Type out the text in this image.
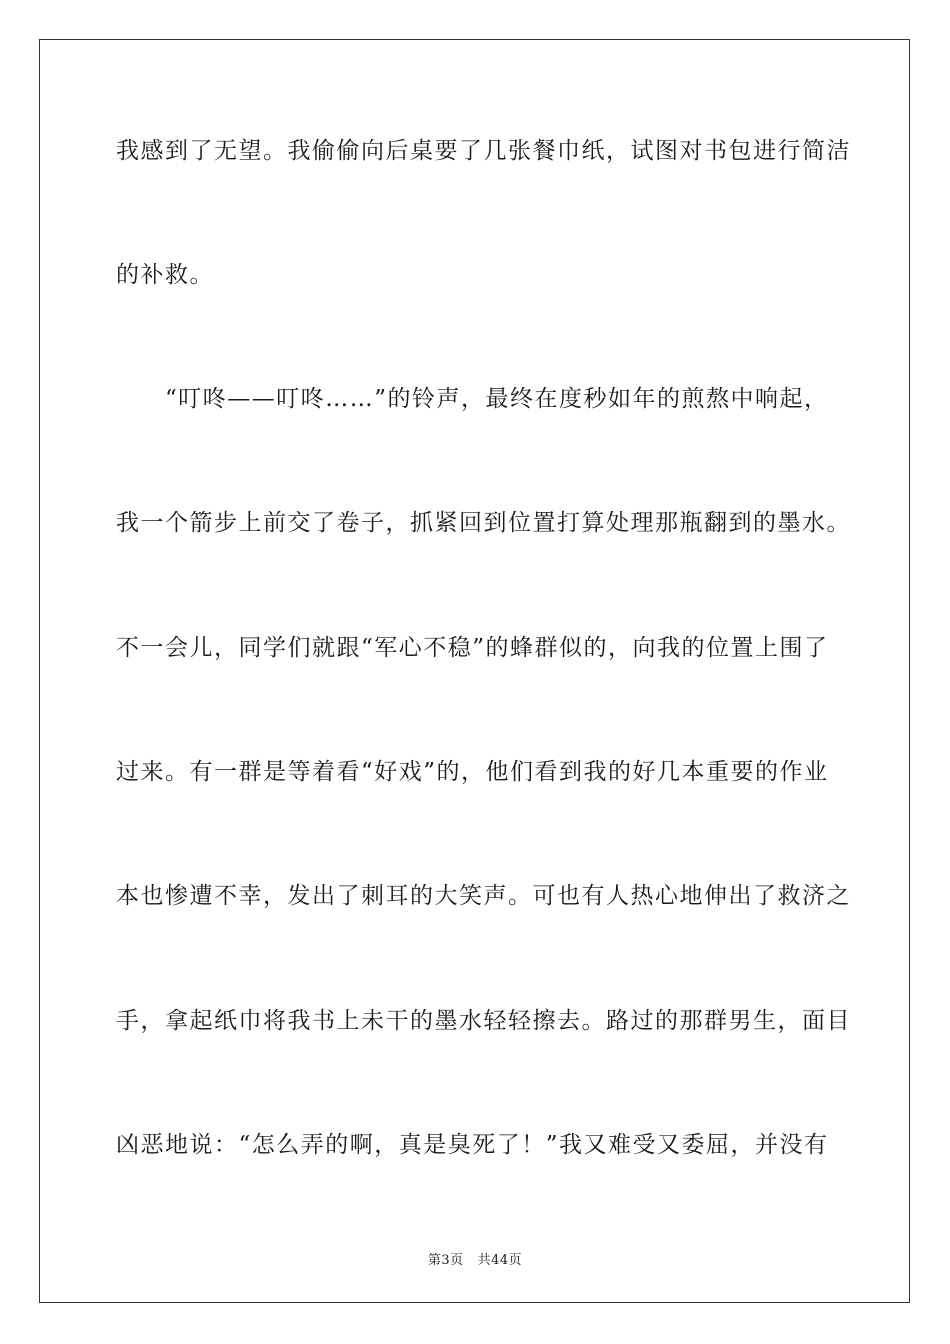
我感到了无望。我偷偷向后桌要了几张餐巾纸，试图对书包进行简洁

的补救。

　　“叮咚——叮咚……”的铃声，最终在度秒如年的煎熬中响起，

我一个箭步上前交了卷子，抓紧回到位置打算处理那瓶翻到的墨水。

不一会儿，同学们就跟“军心不稳”的蜂群似的，向我的位置上围了

过来。有一群是等着看“好戏”的，他们看到我的好几本重要的作业

本也惨遭不幸，发出了刺耳的大笑声。可也有人热心地伸出了救济之

手，拿起纸巾将我书上未干的墨水轻轻擦去。路过的那群男生，面目

凶恶地说：“怎么弄的啊，真是臭死了！”我又难受又委屈，并没有

第3页 共44页
